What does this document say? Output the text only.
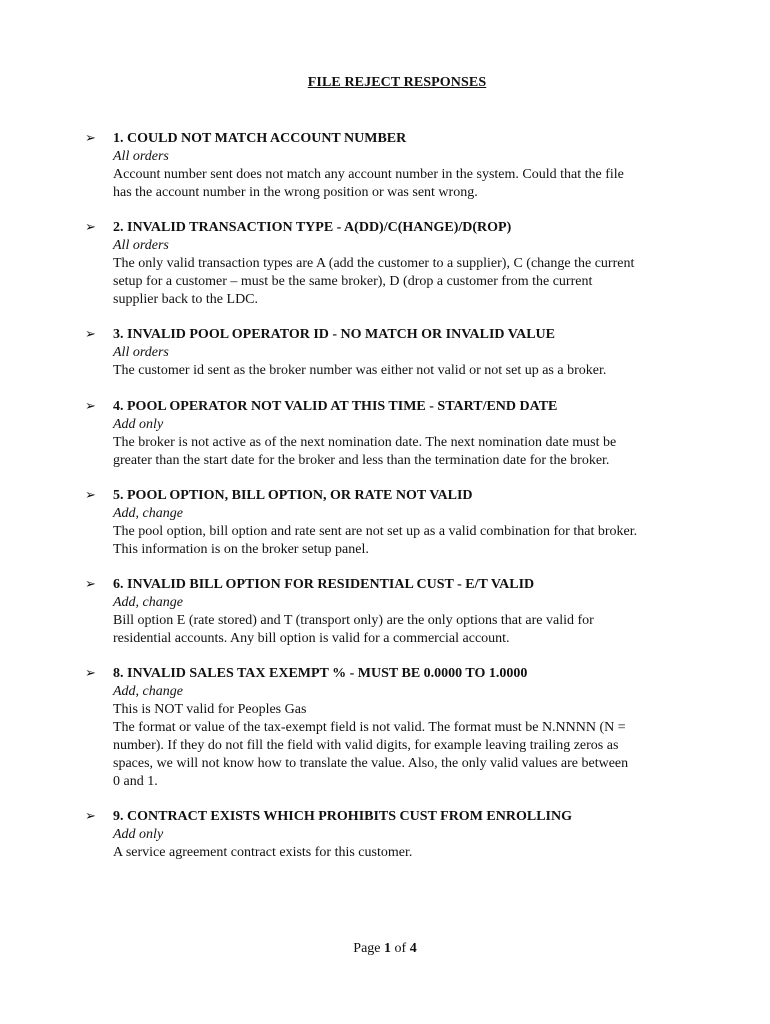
FILE REJECT RESPONSES
➢ 1. COULD NOT MATCH ACCOUNT NUMBER
All orders
Account number sent does not match any account number in the system. Could that the file
has the account number in the wrong position or was sent wrong.
➢ 2. INVALID TRANSACTION TYPE - A(DD)/C(HANGE)/D(ROP)
All orders
The only valid transaction types are A (add the customer to a supplier), C (change the current
setup for a customer – must be the same broker), D (drop a customer from the current
supplier back to the LDC.
➢ 3. INVALID POOL OPERATOR ID - NO MATCH OR INVALID VALUE
All orders
The customer id sent as the broker number was either not valid or not set up as a broker.
➢ 4. POOL OPERATOR NOT VALID AT THIS TIME - START/END DATE
Add only
The broker is not active as of the next nomination date. The next nomination date must be
greater than the start date for the broker and less than the termination date for the broker.
➢ 5. POOL OPTION, BILL OPTION, OR RATE NOT VALID
Add, change
The pool option, bill option and rate sent are not set up as a valid combination for that broker.
This information is on the broker setup panel.
➢ 6. INVALID BILL OPTION FOR RESIDENTIAL CUST - E/T VALID
Add, change
Bill option E (rate stored) and T (transport only) are the only options that are valid for
residential accounts. Any bill option is valid for a commercial account.
➢ 8. INVALID SALES TAX EXEMPT % - MUST BE 0.0000 TO 1.0000
Add, change
This is NOT valid for Peoples Gas
The format or value of the tax-exempt field is not valid. The format must be N.NNNN (N =
number). If they do not fill the field with valid digits, for example leaving trailing zeros as
spaces, we will not know how to translate the value. Also, the only valid values are between
0 and 1.
➢ 9. CONTRACT EXISTS WHICH PROHIBITS CUST FROM ENROLLING
Add only
A service agreement contract exists for this customer.
Page 1 of 4
